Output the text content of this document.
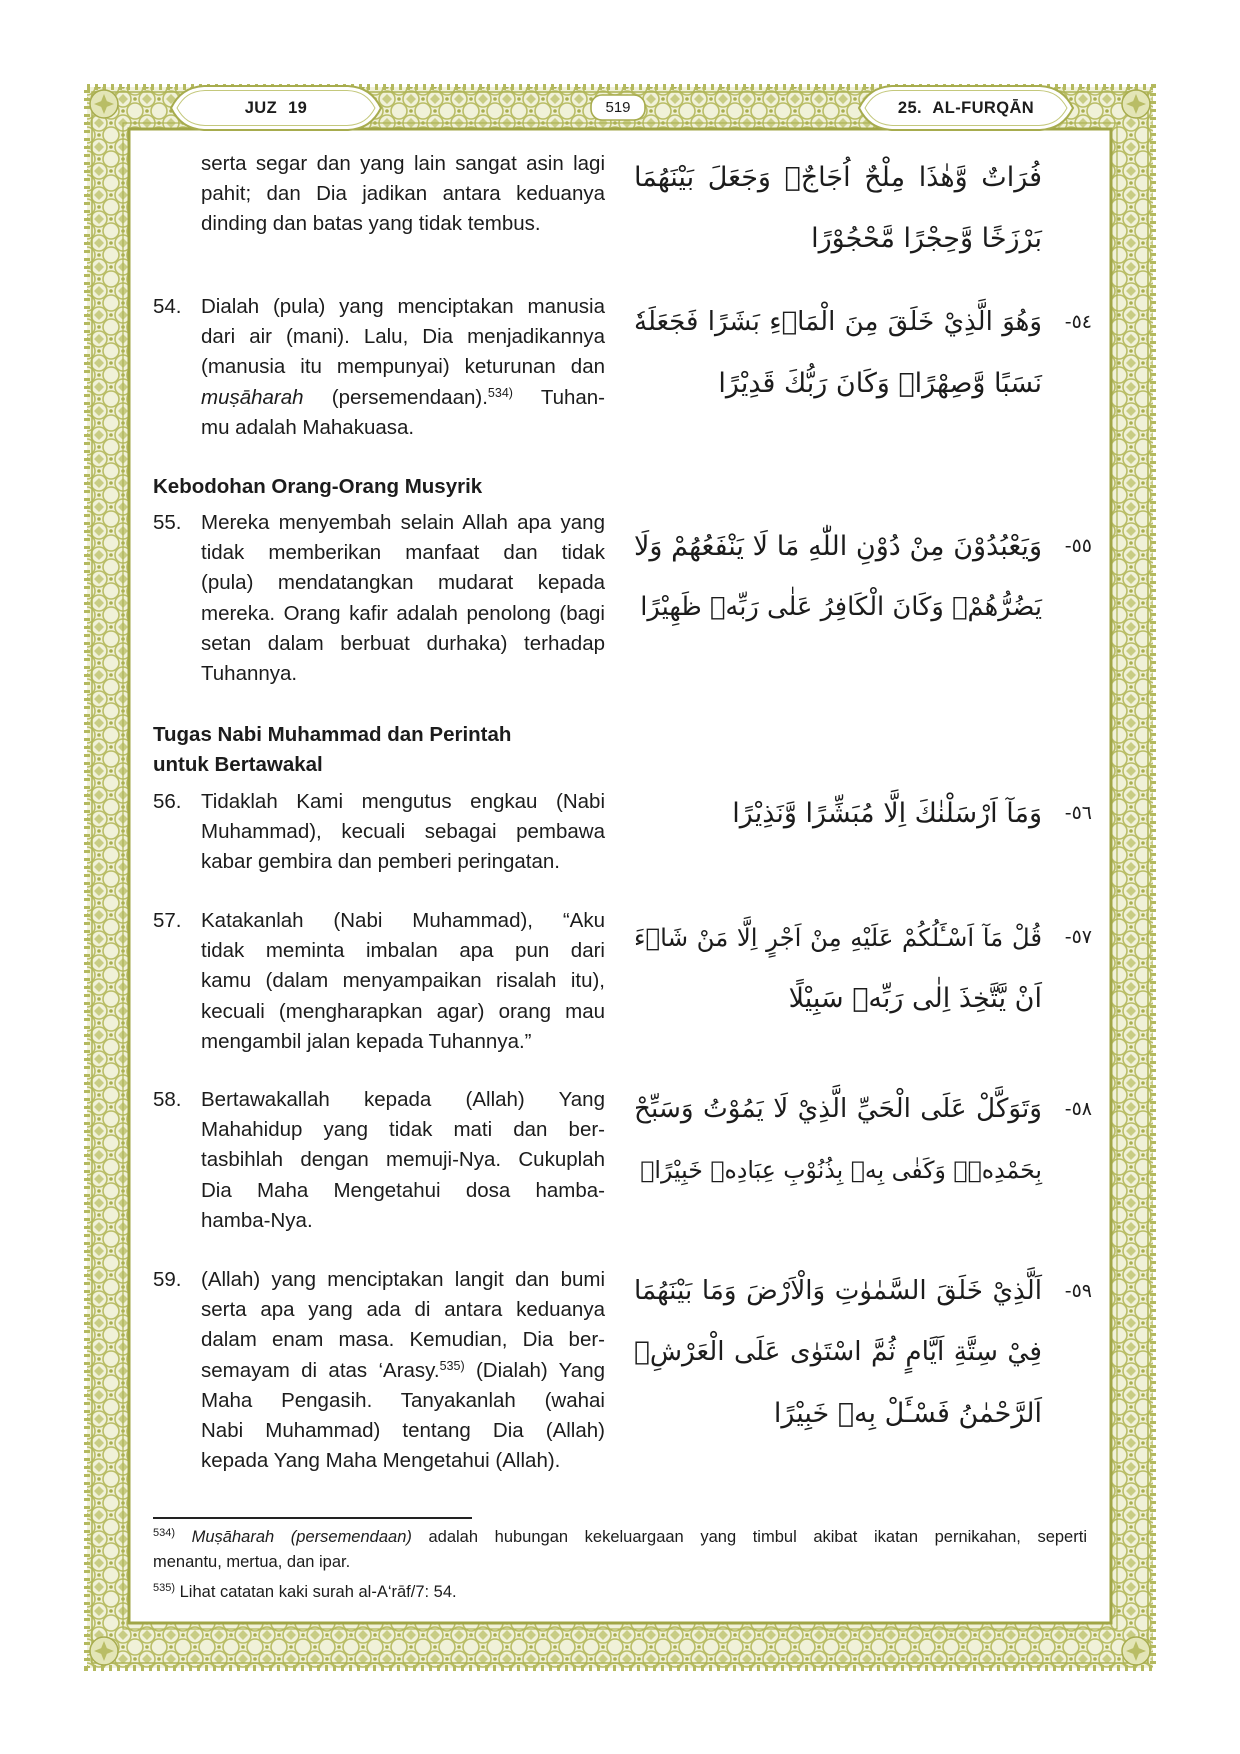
JUZ 19	519	25. AL-FURQĀN
serta segar dan yang lain sangat asin lagi
pahit; dan Dia jadikan antara keduanya
dinding dan batas yang tidak tembus.
فُرَاتٌ وَّهٰذَا مِلْحٌ اُجَاجٌۚ وَجَعَلَ بَيْنَهُمَا
بَرْزَخًا وَّحِجْرًا مَّحْجُوْرًا
54. Dialah (pula) yang menciptakan manusia
dari air (mani). Lalu, Dia menjadikannya
(manusia itu mempunyai) keturunan dan
muṣāharah (persemendaan).$^{534)}$ Tuhan-
mu adalah Mahakuasa.
-٥٤
وَهُوَ الَّذِيْ خَلَقَ مِنَ الْمَاۤءِ بَشَرًا فَجَعَلَهٗ
نَسَبًا وَّصِهْرًاۗ وَكَانَ رَبُّكَ قَدِيْرًا
Kebodohan Orang-Orang Musyrik
55. Mereka menyembah selain Allah apa yang
tidak memberikan manfaat dan tidak
(pula) mendatangkan mudarat kepada
mereka. Orang kafir adalah penolong (bagi
setan dalam berbuat durhaka) terhadap
Tuhannya.
-٥٥
وَيَعْبُدُوْنَ مِنْ دُوْنِ اللّٰهِ مَا لَا يَنْفَعُهُمْ وَلَا
يَضُرُّهُمْۗ وَكَانَ الْكَافِرُ عَلٰى رَبِّهٖ ظَهِيْرًا
Tugas Nabi Muhammad dan Perintah
untuk Bertawakal
56. Tidaklah Kami mengutus engkau (Nabi
Muhammad), kecuali sebagai pembawa
kabar gembira dan pemberi peringatan.
-٥٦
وَمَآ اَرْسَلْنٰكَ اِلَّا مُبَشِّرًا وَّنَذِيْرًا
57. Katakanlah (Nabi Muhammad), “Aku
tidak meminta imbalan apa pun dari
kamu (dalam menyampaikan risalah itu),
kecuali (mengharapkan agar) orang mau
mengambil jalan kepada Tuhannya.”
-٥٧
قُلْ مَآ اَسْـَٔلُكُمْ عَلَيْهِ مِنْ اَجْرٍ اِلَّا مَنْ شَاۤءَ
اَنْ يَّتَّخِذَ اِلٰى رَبِّهٖ سَبِيْلًا
58. Bertawakallah kepada (Allah) Yang
Mahahidup yang tidak mati dan ber-
tasbihlah dengan memuji-Nya. Cukuplah
Dia Maha Mengetahui dosa hamba-
hamba-Nya.
-٥٨
وَتَوَكَّلْ عَلَى الْحَيِّ الَّذِيْ لَا يَمُوْتُ وَسَبِّحْ
بِحَمْدِهٖۗ وَكَفٰى بِهٖ بِذُنُوْبِ عِبَادِهٖ خَبِيْرًاۚ
59. (Allah) yang menciptakan langit dan bumi
serta apa yang ada di antara keduanya
dalam enam masa. Kemudian, Dia ber-
semayam di atas ‘Arasy.$^{535)}$ (Dialah) Yang
Maha Pengasih. Tanyakanlah (wahai
Nabi Muhammad) tentang Dia (Allah)
kepada Yang Maha Mengetahui (Allah).
-٥٩
اَلَّذِيْ خَلَقَ السَّمٰوٰتِ وَالْاَرْضَ وَمَا بَيْنَهُمَا
فِيْ سِتَّةِ اَيَّامٍ ثُمَّ اسْتَوٰى عَلَى الْعَرْشِۚ
اَلرَّحْمٰنُ فَسْـَٔلْ بِهٖ خَبِيْرًا
$^{534)}$ Muṣāharah (persemendaan) adalah hubungan kekeluargaan yang timbul akibat ikatan pernikahan, seperti
menantu, mertua, dan ipar.
$^{535)}$ Lihat catatan kaki surah al-A‘rāf/7: 54.
